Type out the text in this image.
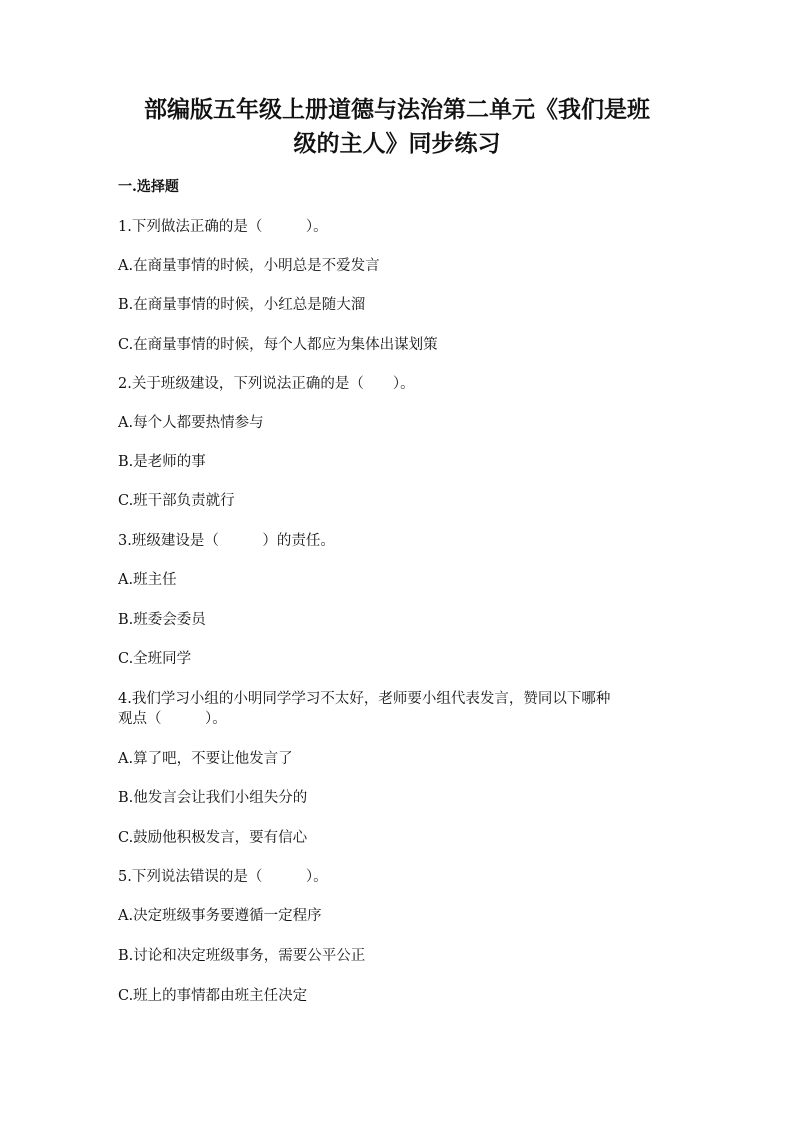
部编版五年级上册道德与法治第二单元《我们是班
级的主人》同步练习

一.选择题

1.下列做法正确的是（　　　）。

A.在商量事情的时候，小明总是不爱发言

B.在商量事情的时候，小红总是随大溜

C.在商量事情的时候，每个人都应为集体出谋划策

2.关于班级建设，下列说法正确的是（　　）。

A.每个人都要热情参与

B.是老师的事

C.班干部负责就行

3.班级建设是（　　　）的责任。

A.班主任

B.班委会委员

C.全班同学

4.我们学习小组的小明同学学习不太好，老师要小组代表发言，赞同以下哪种

观点（　　　）。

A.算了吧，不要让他发言了

B.他发言会让我们小组失分的

C.鼓励他积极发言，要有信心

5.下列说法错误的是（　　　）。

A.决定班级事务要遵循一定程序

B.讨论和决定班级事务，需要公平公正

C.班上的事情都由班主任决定
